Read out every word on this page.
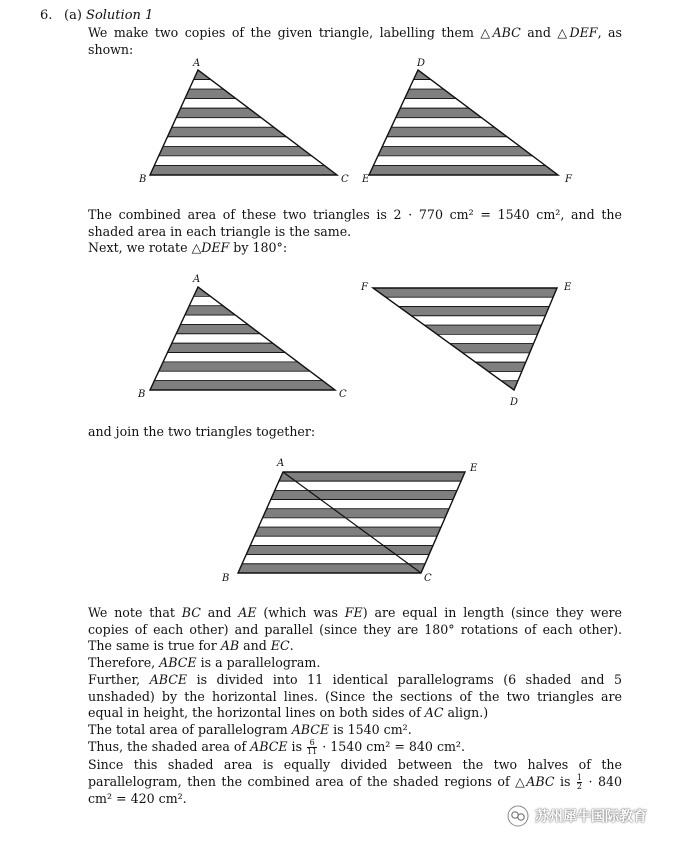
6. (a) Solution 1

We make two copies of the given triangle, labelling them △ABC and △DEF, as shown:

A
B	C
D
E	F

The combined area of these two triangles is 2 · 770 cm² = 1540 cm², and the shaded area in each triangle is the same.

Next, we rotate △DEF by 180°:

A
B	C
F	E
D

and join the two triangles together:

A	E
B	C

We note that BC and AE (which was FE) are equal in length (since they were copies of each other) and parallel (since they are 180° rotations of each other). The same is true for AB and EC.

Therefore, ABCE is a parallelogram.

Further, ABCE is divided into 11 identical parallelograms (6 shaded and 5 unshaded) by the horizontal lines. (Since the sections of the two triangles are equal in height, the horizontal lines on both sides of AC align.)

The total area of parallelogram ABCE is 1540 cm².

Thus, the shaded area of ABCE is $\frac{6}{11} \cdot 1540$ cm² = 840 cm².

Since this shaded area is equally divided between the two halves of the parallelogram, then the combined area of the shaded regions of △ABC is $\frac{1}{2} \cdot 840$ cm² = 420 cm².

苏州犀牛国际教育
